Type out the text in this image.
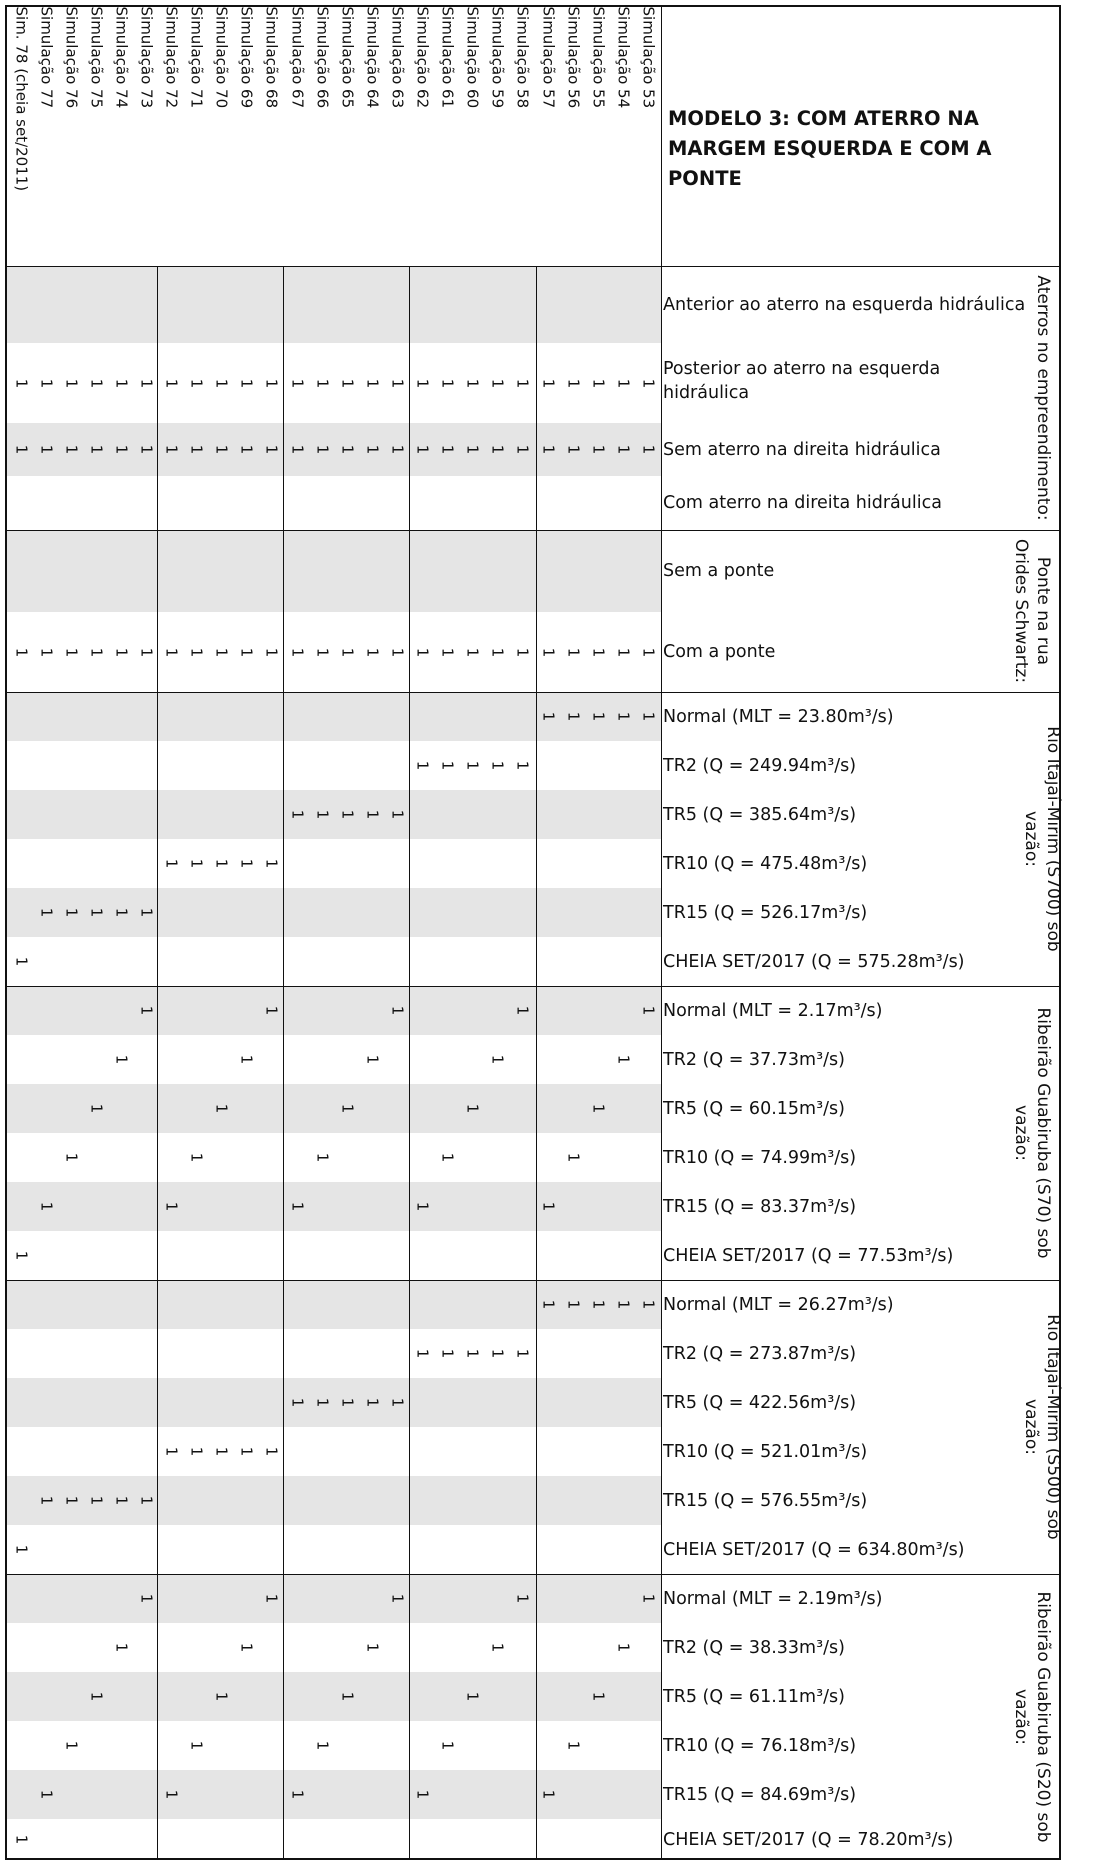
MODELO 3: COM ATERRO NA MARGEM ESQUERDA E COM A PONTE
Simulação 53
Simulação 54
Simulação 55
Simulação 56
Simulação 57
Simulação 58
Simulação 59
Simulação 60
Simulação 61
Simulação 62
Simulação 63
Simulação 64
Simulação 65
Simulação 66
Simulação 67
Simulação 68
Simulação 69
Simulação 70
Simulação 71
Simulação 72
Simulação 73
Simulação 74
Simulação 75
Simulação 76
Simulação 77
Sim. 78 (cheia set/2011)
Anterior ao aterro na esquerda hidráulica
Posterior ao aterro na esquerda hidráulica
Sem aterro na direita hidráulica
Com aterro na direita hidráulica
Sem a ponte
Com a ponte
Normal (MLT = 23.80m³/s)
TR2 (Q = 249.94m³/s)
TR5 (Q = 385.64m³/s)
TR10 (Q = 475.48m³/s)
TR15 (Q = 526.17m³/s)
CHEIA SET/2017 (Q = 575.28m³/s)
Normal (MLT = 2.17m³/s)
TR2 (Q = 37.73m³/s)
TR5 (Q = 60.15m³/s)
TR10 (Q = 74.99m³/s)
TR15 (Q = 83.37m³/s)
CHEIA SET/2017 (Q = 77.53m³/s)
Normal (MLT = 26.27m³/s)
TR2 (Q = 273.87m³/s)
TR5 (Q = 422.56m³/s)
TR10 (Q = 521.01m³/s)
TR15 (Q = 576.55m³/s)
CHEIA SET/2017 (Q = 634.80m³/s)
Normal (MLT = 2.19m³/s)
TR2 (Q = 38.33m³/s)
TR5 (Q = 61.11m³/s)
TR10 (Q = 76.18m³/s)
TR15 (Q = 84.69m³/s)
CHEIA SET/2017 (Q = 78.20m³/s)
Aterros no empreendimento:
Ponte na rua Orides Schwartz:
Rio Itajaí-Mirim (S700) sob vazão:
Ribeirão Guabiruba (S70) sob vazão:
Rio Itajaí-Mirim (S500) sob vazão:
Ribeirão Guabiruba (S20) sob vazão:
1
1
1
1
1
1
1
1
1
1
1
1
1
1
1
1
1
1
1
1
1
1
1
1
1
1
1
1
1
1
1
1
1
1
1
1
1
1
1
1
1
1
1
1
1
1
1
1
1
1
1
1
1
1
1
1
1
1
1
1
1
1
1
1
1
1
1
1
1
1
1
1
1
1
1
1
1
1
1
1
1
1
1
1
1
1
1
1
1
1
1
1
1
1
1
1
1
1
1
1
1
1
1
1
1
1
1
1
1
1
1
1
1
1
1
1
1
1
1
1
1
1
1
1
1
1
1
1
1
1
1
1
1
1
1
1
1
1
1
1
1
1
1
1
1
1
1
1
1
1
1
1
1
1
1
1
1
1
1
1
1
1
1
1
1
1
1
1
1
1
1
1
1
1
1
1
1
1
1
1
1
1
